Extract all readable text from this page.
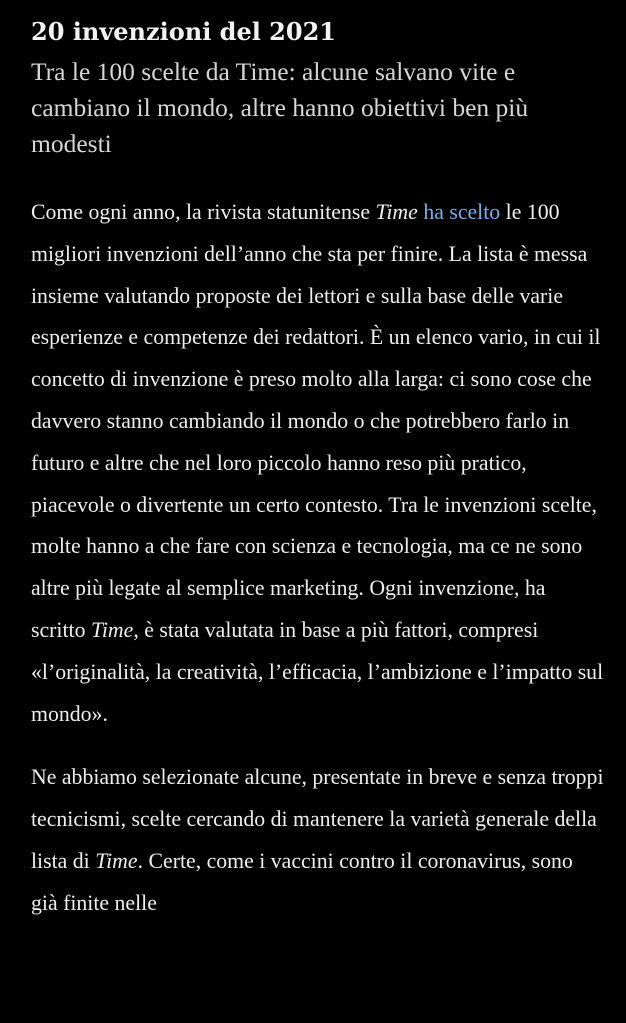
20 invenzioni del 2021
Tra le 100 scelte da Time: alcune salvano vite e cambiano il mondo, altre hanno obiettivi ben più modesti

Come ogni anno, la rivista statunitense Time ha scelto le 100 migliori invenzioni dell’anno che sta per finire. La lista è messa insieme valutando proposte dei lettori e sulla base delle varie esperienze e competenze dei redattori. È un elenco vario, in cui il concetto di invenzione è preso molto alla larga: ci sono cose che davvero stanno cambiando il mondo o che potrebbero farlo in futuro e altre che nel loro piccolo hanno reso più pratico, piacevole o divertente un certo contesto. Tra le invenzioni scelte, molte hanno a che fare con scienza e tecnologia, ma ce ne sono altre più legate al semplice marketing. Ogni invenzione, ha scritto Time, è stata valutata in base a più fattori, compresi «l’originalità, la creatività, l’efficacia, l’ambizione e l’impatto sul mondo».

Ne abbiamo selezionate alcune, presentate in breve e senza troppi tecnicismi, scelte cercando di mantenere la varietà generale della lista di Time. Certe, come i vaccini contro il coronavirus, sono già finite nelle
